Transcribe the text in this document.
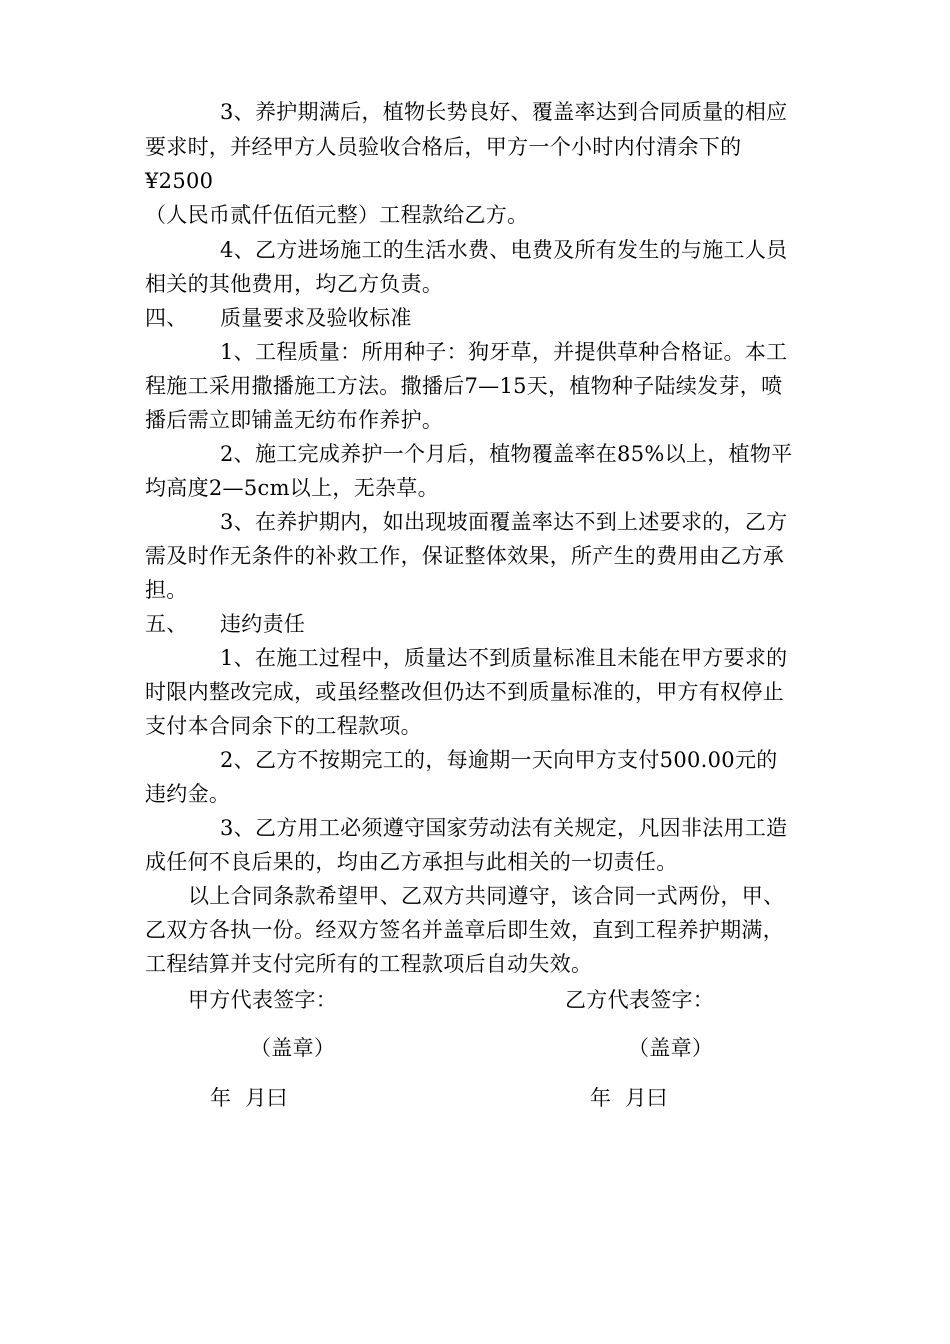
3、养护期满后，植物长势良好、覆盖率达到合同质量的相应
要求时，并经甲方人员验收合格后，甲方一个小时内付清余下的
¥2500
（人民币贰仟伍佰元整）工程款给乙方。
4、乙方进场施工的生活水费、电费及所有发生的与施工人员
相关的其他费用，均乙方负责。
四、 质量要求及验收标准
1、工程质量：所用种子：狗牙草，并提供草种合格证。本工
程施工采用撒播施工方法。撒播后7—15天，植物种子陆续发芽，喷
播后需立即铺盖无纺布作养护。
2、施工完成养护一个月后，植物覆盖率在85%以上，植物平
均高度2—5cm以上，无杂草。
3、在养护期内，如出现坡面覆盖率达不到上述要求的，乙方
需及时作无条件的补救工作，保证整体效果，所产生的费用由乙方承
担。
五、 违约责任
1、在施工过程中，质量达不到质量标准且未能在甲方要求的
时限内整改完成，或虽经整改但仍达不到质量标准的，甲方有权停止
支付本合同余下的工程款项。
2、乙方不按期完工的，每逾期一天向甲方支付500.00元的
违约金。
3、乙方用工必须遵守国家劳动法有关规定，凡因非法用工造
成任何不良后果的，均由乙方承担与此相关的一切责任。
以上合同条款希望甲、乙双方共同遵守，该合同一式两份，甲、
乙双方各执一份。经双方签名并盖章后即生效，直到工程养护期满，
工程结算并支付完所有的工程款项后自动失效。
甲方代表签字：	乙方代表签字：
（盖章）	（盖章）
年  月曰	年  月曰
